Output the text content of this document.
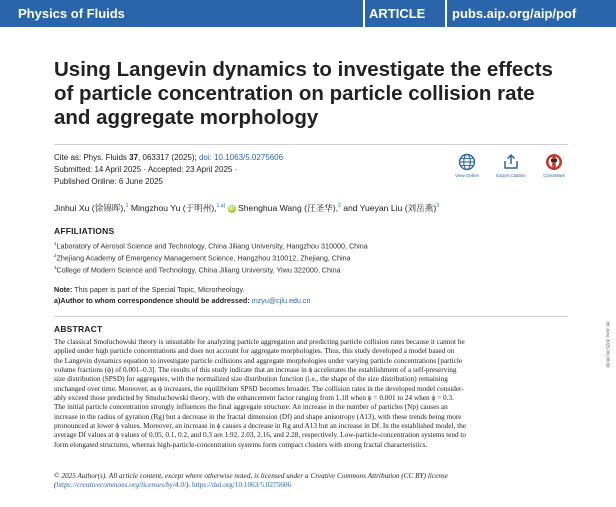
Physics of Fluids	ARTICLE pubs.aip.org/aip/pof
Using Langevin dynamics to investigate the effects of particle concentration on particle collision rate and aggregate morphology
Cite as: Phys. Fluids 37, 063317 (2025); doi: 10.1063/5.0275606
Submitted: 14 April 2025 · Accepted: 23 April 2025 ·
Published Online: 6 June 2025
View Online	Export Citation	CrossMark
Jinhui Xu (徐锦晖),$^1$ Mingzhou Yu (于明州),$^{1,a)}$ iD Shenghua Wang (汪圣华),$^2$ and Yueyan Liu (刘岳燕)$^3$
AFFILIATIONS
$^1$Laboratory of Aerosol Science and Technology, China Jiliang University, Hangzhou 310000, China
$^2$Zhejiang Academy of Emergency Management Science, Hangzhou 310012, Zhejiang, China
$^3$College of Modern Science and Technology, China Jiliang University, Yiwu 322000, China
Note: This paper is part of the Special Topic, Microrheology.
a)Author to whom correspondence should be addressed: mzyu@cjlu.edu.cn
ABSTRACT
The classical Smoluchowski theory is unsuitable for analyzing particle aggregation and predicting particle collision rates because it cannot be
applied under high particle concentrations and does not account for aggregate morphologies. Thus, this study developed a model based on
the Langevin dynamics equation to investigate particle collisions and aggregate morphologies under varying particle concentrations [particle
volume fractions (ϕ) of 0.001–0.3]. The results of this study indicate that an increase in ϕ accelerates the establishment of a self-preserving
size distribution (SPSD) for aggregates, with the normalized size distribution function (i.e., the shape of the size distribution) remaining
unchanged over time. Moreover, as ϕ increases, the equilibrium SPSD becomes broader. The collision rates in the developed model consider-
ably exceed those predicted by Smoluchowski theory, with the enhancement factor ranging from 1.18 when ϕ = 0.001 to 24 when ϕ = 0.3.
The initial particle concentration strongly influences the final aggregate structure. An increase in the number of particles (Np) causes an
increase in the radius of gyration (Rg) but a decrease in the fractal dimension (Df) and shape anisotropy (A13), with these trends being more
pronounced at lower ϕ values. Moreover, an increase in ϕ causes a decrease in Rg and A13 but an increase in Df. In the established model, the
average Df values at ϕ values of 0.05, 0.1, 0.2, and 0.3 are 1.92, 2.03, 2.16, and 2.28, respectively. Low-particle-concentration systems tend to
form elongated structures, whereas high-particle-concentration systems form compact clusters with strong fractal characteristics.
© 2025 Author(s). All article content, except where otherwise noted, is licensed under a Creative Commons Attribution (CC BY) license (https://creativecommons.org/licenses/by/4.0/). https://doi.org/10.1063/5.0275606
08 June 2025 06:38:00
